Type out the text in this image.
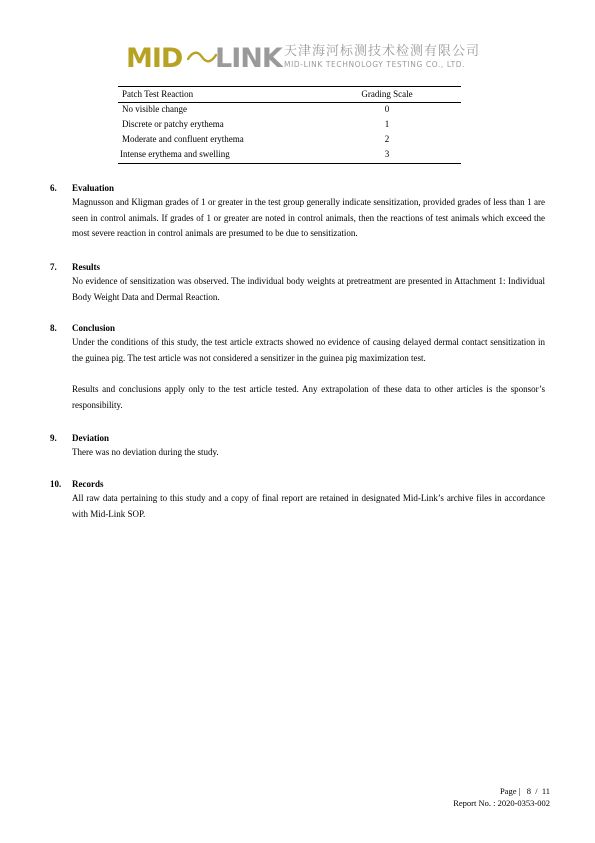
MID LINK 天津海河标测技术检测有限公司
MID-LINK TECHNOLOGY TESTING CO., LTD.
Patch Test Reaction	Grading Scale
No visible change	0
Discrete or patchy erythema	1
Moderate and confluent erythema	2
Intense erythema and swelling	3
6. Evaluation
Magnusson and Kligman grades of 1 or greater in the test group generally indicate sensitization, provided grades of less than 1 are seen in control animals. If grades of 1 or greater are noted in control animals, then the reactions of test animals which exceed the most severe reaction in control animals are presumed to be due to sensitization.
7. Results
No evidence of sensitization was observed. The individual body weights at pretreatment are presented in Attachment 1: Individual Body Weight Data and Dermal Reaction.
8. Conclusion
Under the conditions of this study, the test article extracts showed no evidence of causing delayed dermal contact sensitization in the guinea pig. The test article was not considered a sensitizer in the guinea pig maximization test.
Results and conclusions apply only to the test article tested. Any extrapolation of these data to other articles is the sponsor’s responsibility.
9. Deviation
There was no deviation during the study.
10. Records
All raw data pertaining to this study and a copy of final report are retained in designated Mid-Link’s archive files in accordance with Mid-Link SOP.
Page | 8 / 11
Report No. : 2020-0353-002
